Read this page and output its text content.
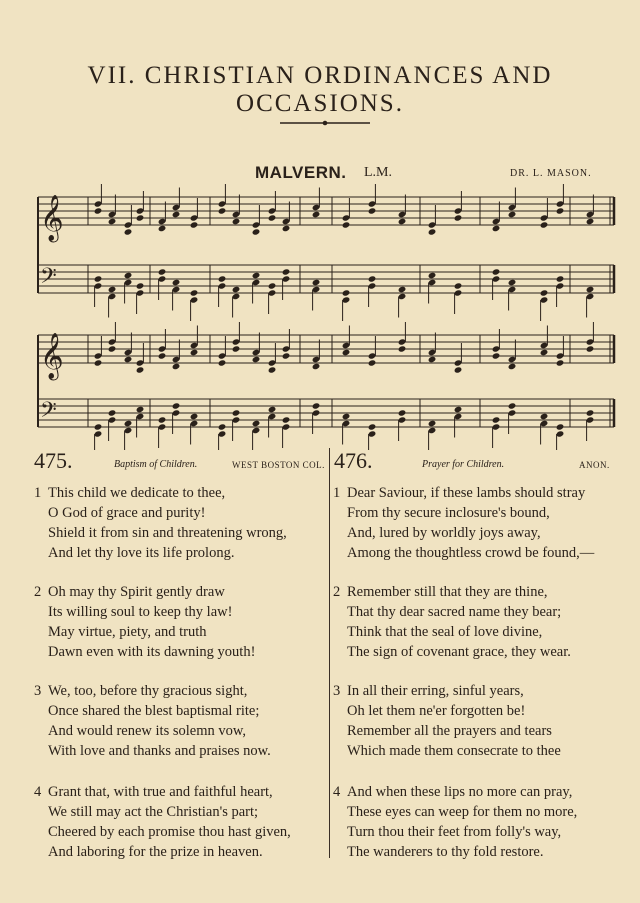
VII. CHRISTIAN ORDINANCES AND OCCASIONS.
MALVERN. L.M.	DR. L. MASON.
𝄞
𝄢
𝄞
𝄢
475.	Baptism of Children.	WEST BOSTON COL. 476.	Prayer for Children.	ANON.
1 This child we dedicate to thee,
O God of grace and purity!
Shield it from sin and threatening wrong,
And let thy love its life prolong.
2 Oh may thy Spirit gently draw
Its willing soul to keep thy law!
May virtue, piety, and truth
Dawn even with its dawning youth!
3 We, too, before thy gracious sight,
Once shared the blest baptismal rite;
And would renew its solemn vow,
With love and thanks and praises now.
4 Grant that, with true and faithful heart,
We still may act the Christian's part;
Cheered by each promise thou hast given,
And laboring for the prize in heaven.
1 Dear Saviour, if these lambs should stray
From thy secure inclosure's bound,
And, lured by worldly joys away,
Among the thoughtless crowd be found,—
2 Remember still that they are thine,
That thy dear sacred name they bear;
Think that the seal of love divine,
The sign of covenant grace, they wear.
3 In all their erring, sinful years,
Oh let them ne'er forgotten be!
Remember all the prayers and tears
Which made them consecrate to thee
4 And when these lips no more can pray,
These eyes can weep for them no more,
Turn thou their feet from folly's way,
The wanderers to thy fold restore.
